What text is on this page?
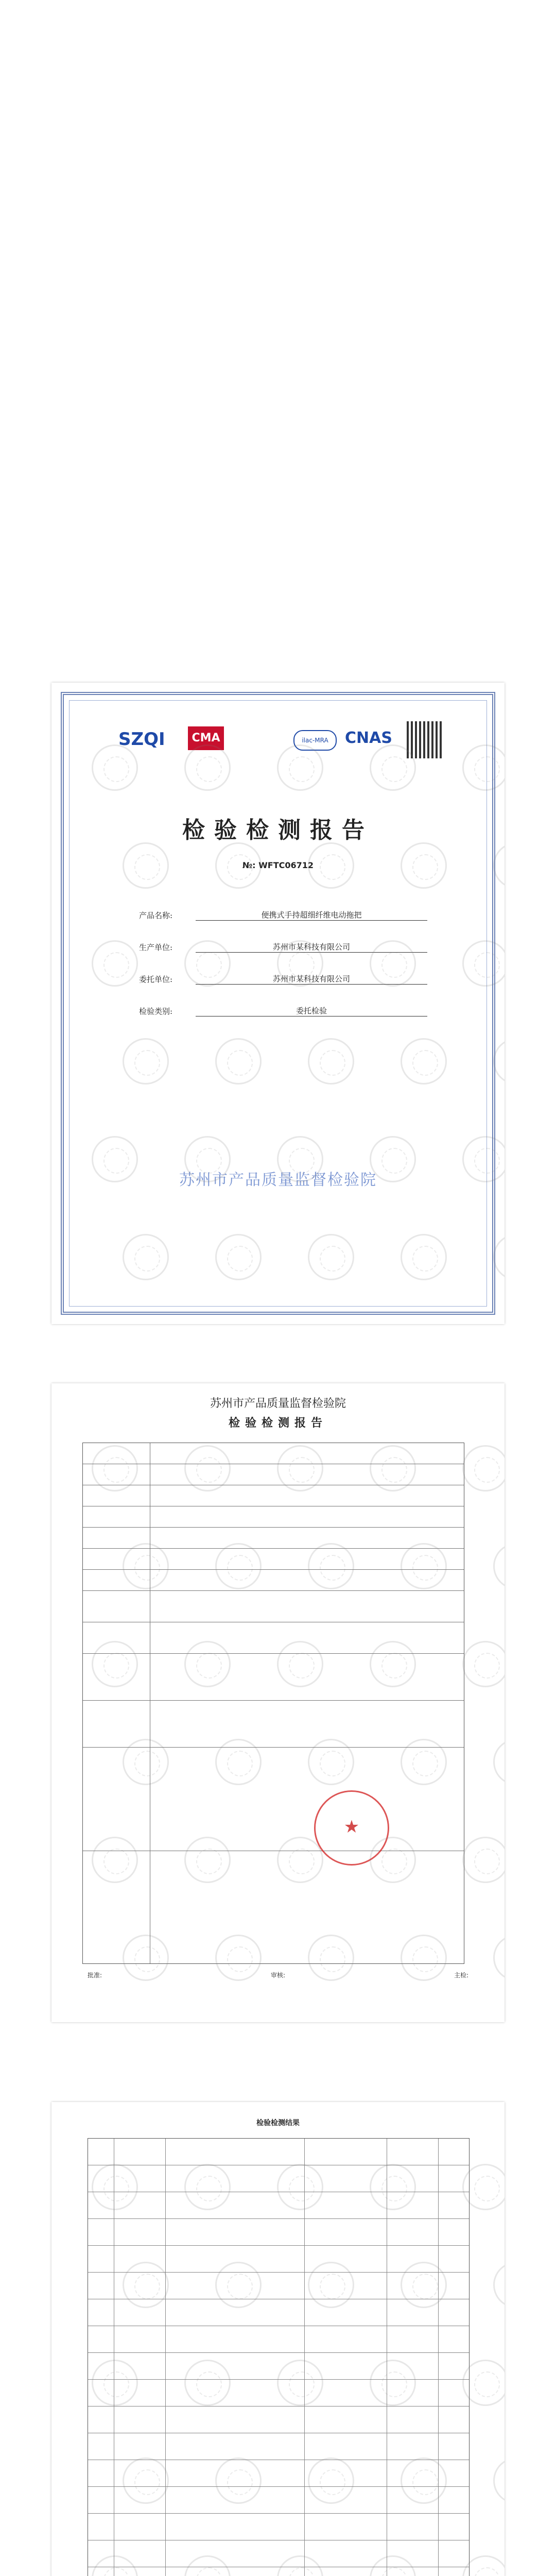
SZQI	CMA	ilac-MRA	CNAS
检验检测报告
№: WFTC06712
产品名称:	便携式手持超细纤维电动拖把
生产单位:	苏州市某科技有限公司
委托单位:	苏州市某科技有限公司
检验类别:	委托检验
苏州市产品质量监督检验院
苏州市产品质量监督检验院
检验检测报告
★
批准:	审核:	主检:
检验检测结果
